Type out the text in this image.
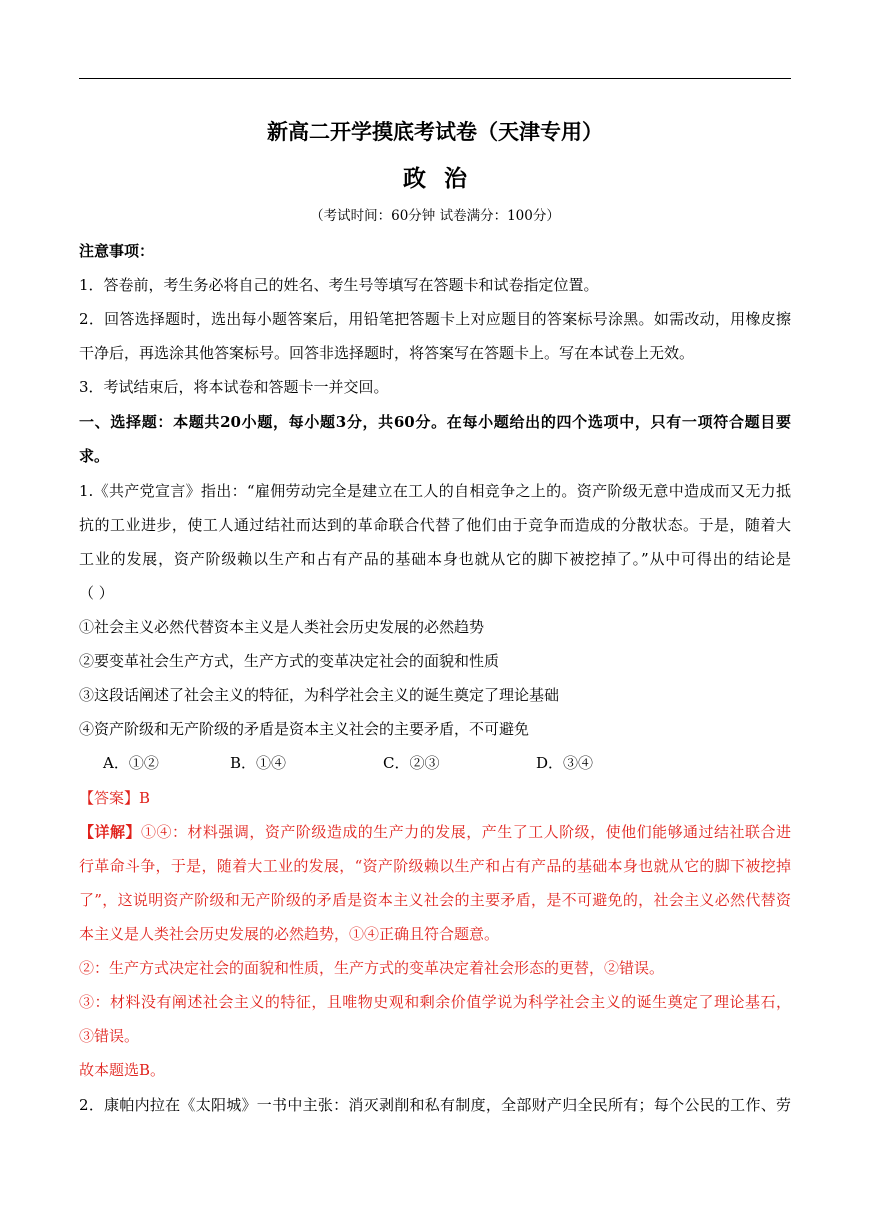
新高二开学摸底考试卷（天津专用）
政治
（考试时间：60分钟 试卷满分：100分）
注意事项：
1．答卷前，考生务必将自己的姓名、考生号等填写在答题卡和试卷指定位置。
2．回答选择题时，选出每小题答案后，用铅笔把答题卡上对应题目的答案标号涂黑。如需改动，用橡皮擦
干净后，再选涂其他答案标号。回答非选择题时，将答案写在答题卡上。写在本试卷上无效。
3．考试结束后，将本试卷和答题卡一并交回。
一、选择题：本题共20小题，每小题3分，共60分。在每小题给出的四个选项中，只有一项符合题目要
求。
1.《共产党宣言》指出：“雇佣劳动完全是建立在工人的自相竞争之上的。资产阶级无意中造成而又无力抵
抗的工业进步，使工人通过结社而达到的革命联合代替了他们由于竞争而造成的分散状态。于是，随着大
工业的发展，资产阶级赖以生产和占有产品的基础本身也就从它的脚下被挖掉了。”从中可得出的结论是
（ ）
①社会主义必然代替资本主义是人类社会历史发展的必然趋势
②要变革社会生产方式，生产方式的变革决定社会的面貌和性质
③这段话阐述了社会主义的特征，为科学社会主义的诞生奠定了理论基础
④资产阶级和无产阶级的矛盾是资本主义社会的主要矛盾，不可避免
A．①②	B．①④	C．②③	D．③④
【答案】B
【详解】①④：材料强调，资产阶级造成的生产力的发展，产生了工人阶级，使他们能够通过结社联合进
行革命斗争，于是，随着大工业的发展，“资产阶级赖以生产和占有产品的基础本身也就从它的脚下被挖掉
了”，这说明资产阶级和无产阶级的矛盾是资本主义社会的主要矛盾，是不可避免的，社会主义必然代替资
本主义是人类社会历史发展的必然趋势，①④正确且符合题意。
②：生产方式决定社会的面貌和性质，生产方式的变革决定着社会形态的更替，②错误。
③：材料没有阐述社会主义的特征，且唯物史观和剩余价值学说为科学社会主义的诞生奠定了理论基石，
③错误。
故本题选B。
2．康帕内拉在《太阳城》一书中主张：消灭剥削和私有制度，全部财产归全民所有；每个公民的工作、劳
